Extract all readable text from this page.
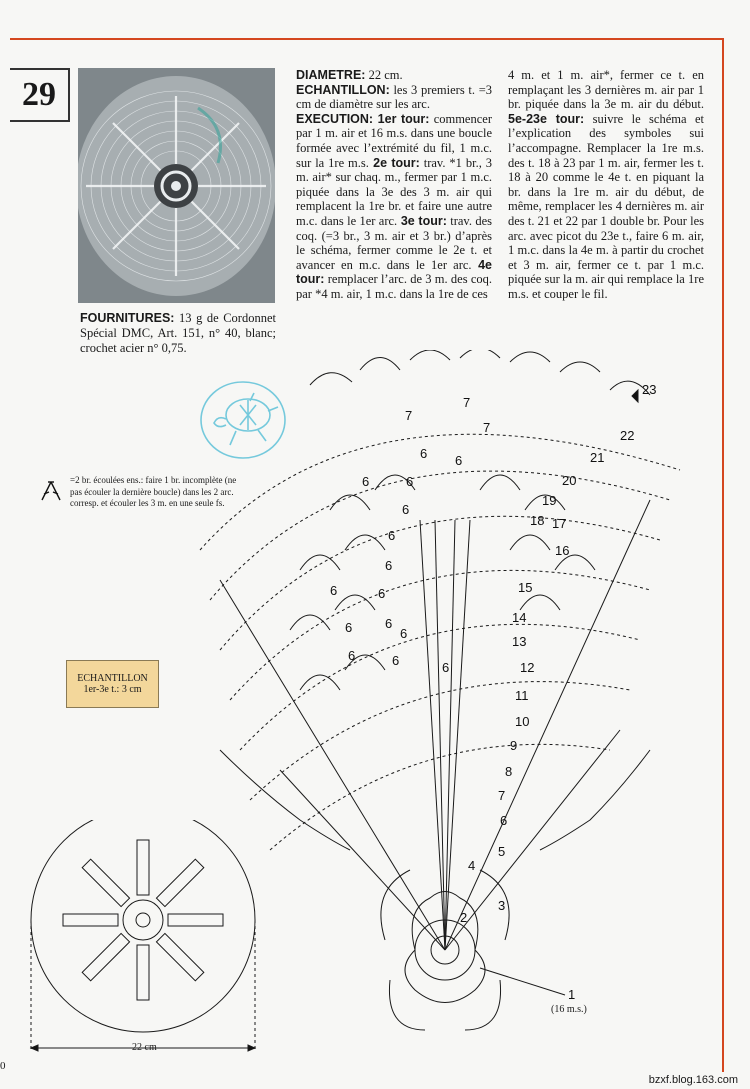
29
FOURNITURES: 13 g de Cordonnet Spécial DMC, Art. 151, n° 40, blanc; crochet acier n° 0,75.
DIAMETRE: 22 cm.
ECHANTILLON: les 3 premiers t. =3 cm de diamètre sur les arc.
EXECUTION: 1er tour: commencer par 1 m. air et 16 m.s. dans une boucle formée avec l’extrémité du fil, 1 m.c. sur la 1re m.s. 2e tour: trav. *1 br., 3 m. air* sur chaq. m., fermer par 1 m.c. piquée dans la 3e des 3 m. air qui remplacent la 1re br. et faire une autre m.c. dans le 1er arc. 3e tour: trav. des coq. (=3 br., 3 m. air et 3 br.) d’après le schéma, fermer comme le 2e t. et avancer en m.c. dans le 1er arc. 4e tour: remplacer l’arc. de 3 m. des coq. par *4 m. air, 1 m.c. dans la 1re de ces
4 m. et 1 m. air*, fermer ce t. en remplaçant les 3 dernières m. air par 1 br. piquée dans la 3e m. air du début. 5e-23e tour: suivre le schéma et l’explication des symboles sui l’accompagne. Remplacer la 1re m.s. des t. 18 à 23 par 1 m. air, fermer les t. 18 à 20 comme le 4e t. en piquant la br. dans la 1re m. air du début, de même, remplacer les 4 dernières m. air des t. 21 et 22 par 1 double br. Pour les arc. avec picot du 23e t., faire 6 m. air, 1 m.c. dans la 4e m. à partir du crochet et 3 m. air, fermer ce t. par 1 m.c. piquée sur la m. air qui remplace la 1re m.s. et couper le fil.
=2 br. écoulées ens.: faire 1 br. incomplète (ne pas écouler la dernière boucle) dans les 2 arc. corresp. et écouler les 3 m. en une seule fs.
ECHANTILLON
1er-3e t.: 3 cm
23
22
21
20
19
18 17
16
15
14
13
12
11
10
9
8
7
6
5
4
3
2
1
7
7
7
6 6
6
6
6
6
6
6
6
6
6	6
6
6
6
(16 m.s.)
22 cm
0
bzxf.blog.163.com
